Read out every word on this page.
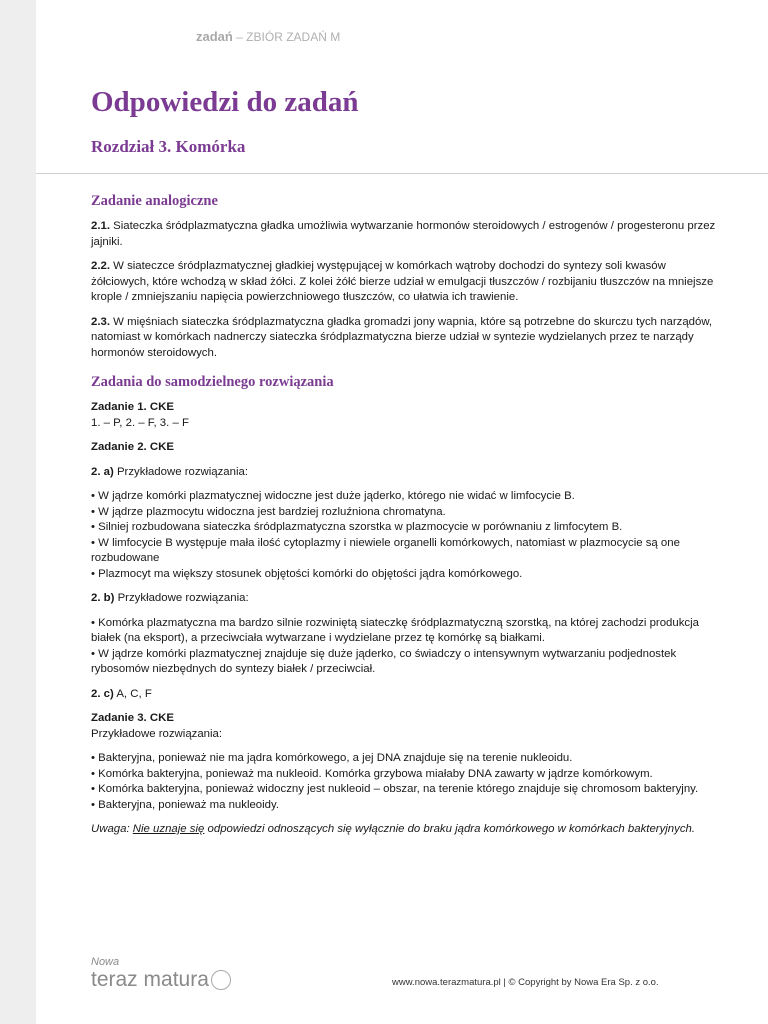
zadań – ZBIÓR ZADAŃ M
Odpowiedzi do zadań
Rozdział 3. Komórka
Zadanie analogiczne

2.1. Siateczka śródplazmatyczna gładka umożliwia wytwarzanie hormonów steroidowych / estrogenów / progesteronu przez jajniki.

2.2. W siateczce śródplazmatycznej gładkiej występującej w komórkach wątroby dochodzi do syntezy soli kwasów żółciowych, które wchodzą w skład żółci. Z kolei żółć bierze udział w emulgacji tłuszczów / rozbijaniu tłuszczów na mniejsze krople / zmniejszaniu napięcia powierzchniowego tłuszczów, co ułatwia ich trawienie.

2.3. W mięśniach siateczka śródplazmatyczna gładka gromadzi jony wapnia, które są potrzebne do skurczu tych narządów, natomiast w komórkach nadnerczy siateczka śródplazmatyczna bierze udział w syntezie wydzielanych przez te narządy hormonów steroidowych.

Zadania do samodzielnego rozwiązania

Zadanie 1. CKE

1. – P, 2. – F, 3. – F

Zadanie 2. CKE

2. a) Przykładowe rozwiązania:

• W jądrze komórki plazmatycznej widoczne jest duże jąderko, którego nie widać w limfocycie B.

• W jądrze plazmocytu widoczna jest bardziej rozluźniona chromatyna.

• Silniej rozbudowana siateczka śródplazmatyczna szorstka w plazmocycie w porównaniu z limfocytem B.

• W limfocycie B występuje mała ilość cytoplazmy i niewiele organelli komórkowych, natomiast w plazmocycie są one rozbudowane

• Plazmocyt ma większy stosunek objętości komórki do objętości jądra komórkowego.

2. b) Przykładowe rozwiązania:

• Komórka plazmatyczna ma bardzo silnie rozwiniętą siateczkę śródplazmatyczną szorstką, na której zachodzi produkcja białek (na eksport), a przeciwciała wytwarzane i wydzielane przez tę komórkę są białkami.

• W jądrze komórki plazmatycznej znajduje się duże jąderko, co świadczy o intensywnym wytwarzaniu podjednostek rybosomów niezbędnych do syntezy białek / przeciwciał.

2. c) A, C, F

Zadanie 3. CKE

Przykładowe rozwiązania:

• Bakteryjna, ponieważ nie ma jądra komórkowego, a jej DNA znajduje się na terenie nukleoidu.

• Komórka bakteryjna, ponieważ ma nukleoid. Komórka grzybowa miałaby DNA zawarty w jądrze komórkowym.

• Komórka bakteryjna, ponieważ widoczny jest nukleoid – obszar, na terenie którego znajduje się chromosom bakteryjny.

• Bakteryjna, ponieważ ma nukleoidy.

Uwaga: Nie uznaje się odpowiedzi odnoszących się wyłącznie do braku jądra komórkowego w komórkach bakteryjnych.

Nowa
teraz matura	www.nowa.terazmatura.pl | © Copyright by Nowa Era Sp. z o.o.
